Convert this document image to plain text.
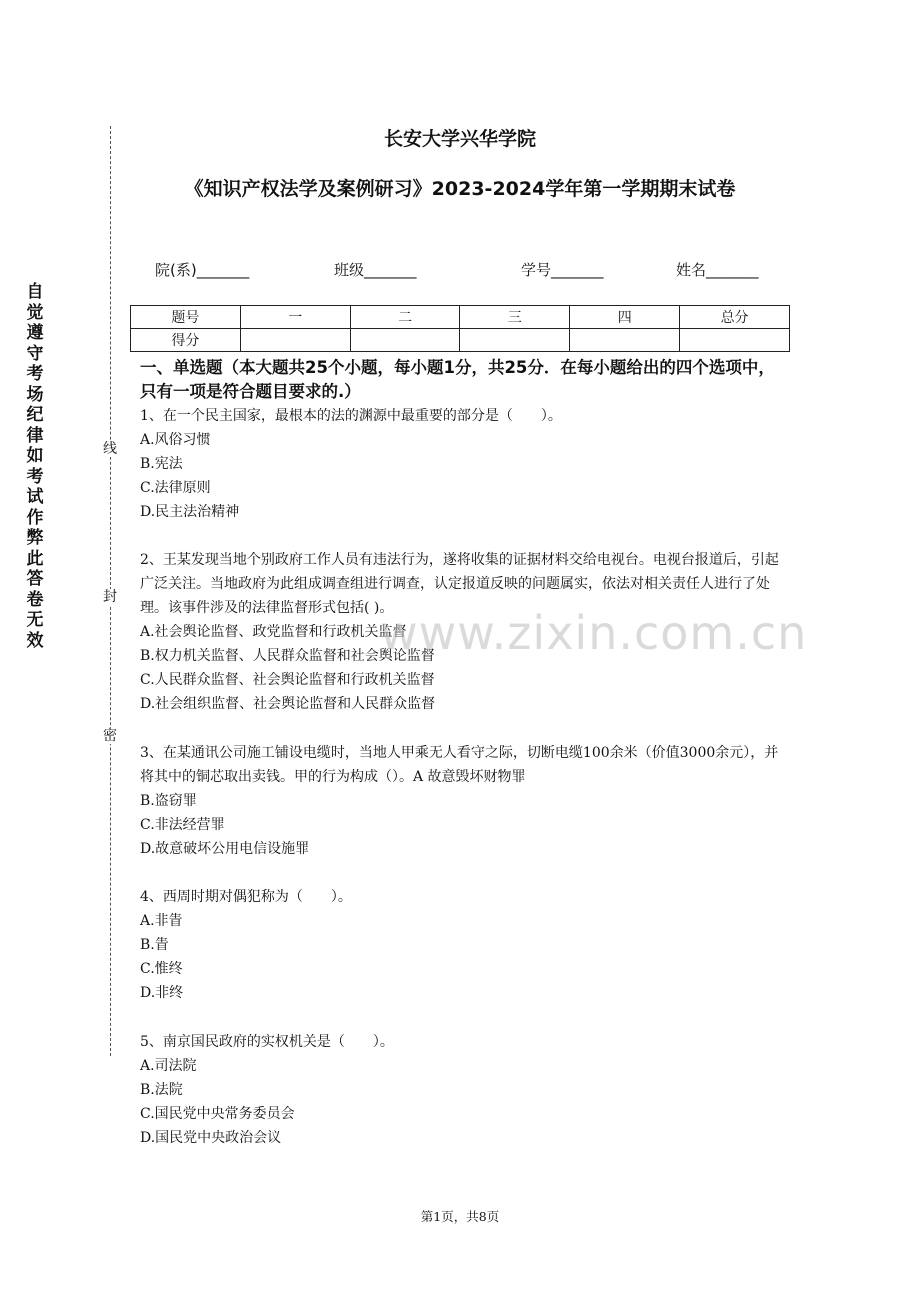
长安大学兴华学院
《知识产权法学及案例研习》2023-2024学年第一学期期末试卷
院(系)_______	班级_______	学号_______	姓名_______
自觉遵守考场纪律如考试作弊此答卷无效
线
封
密
题号	一	二	三	四	总分
得分					
一、单选题（本大题共25个小题，每小题1分，共25分．在每小题给出的四个选项中，只有一项是符合题目要求的.）
1、在一个民主国家，最根本的法的渊源中最重要的部分是（　　）。
A.风俗习惯
B.宪法
C.法律原则
D.民主法治精神
2、王某发现当地个别政府工作人员有违法行为，遂将收集的证据材料交给电视台。电视台报道后，引起广泛关注。当地政府为此组成调查组进行调查，认定报道反映的问题属实，依法对相关责任人进行了处理。该事件涉及的法律监督形式包括( )。
A.社会舆论监督、政党监督和行政机关监督
B.权力机关监督、人民群众监督和社会舆论监督
C.人民群众监督、社会舆论监督和行政机关监督
D.社会组织监督、社会舆论监督和人民群众监督
3、在某通讯公司施工铺设电缆时，当地人甲乘无人看守之际，切断电缆100余米（价值3000余元），并将其中的铜芯取出卖钱。甲的行为构成（）。A 故意毁坏财物罪
B.盗窃罪
C.非法经营罪
D.故意破坏公用电信设施罪
4、西周时期对偶犯称为（　　）。
A.非眚
B.眚
C.惟终
D.非终
5、南京国民政府的实权机关是（　　）。
A.司法院
B.法院
C.国民党中央常务委员会
D.国民党中央政治会议
www.zixin.com.cn
第1页，共8页
